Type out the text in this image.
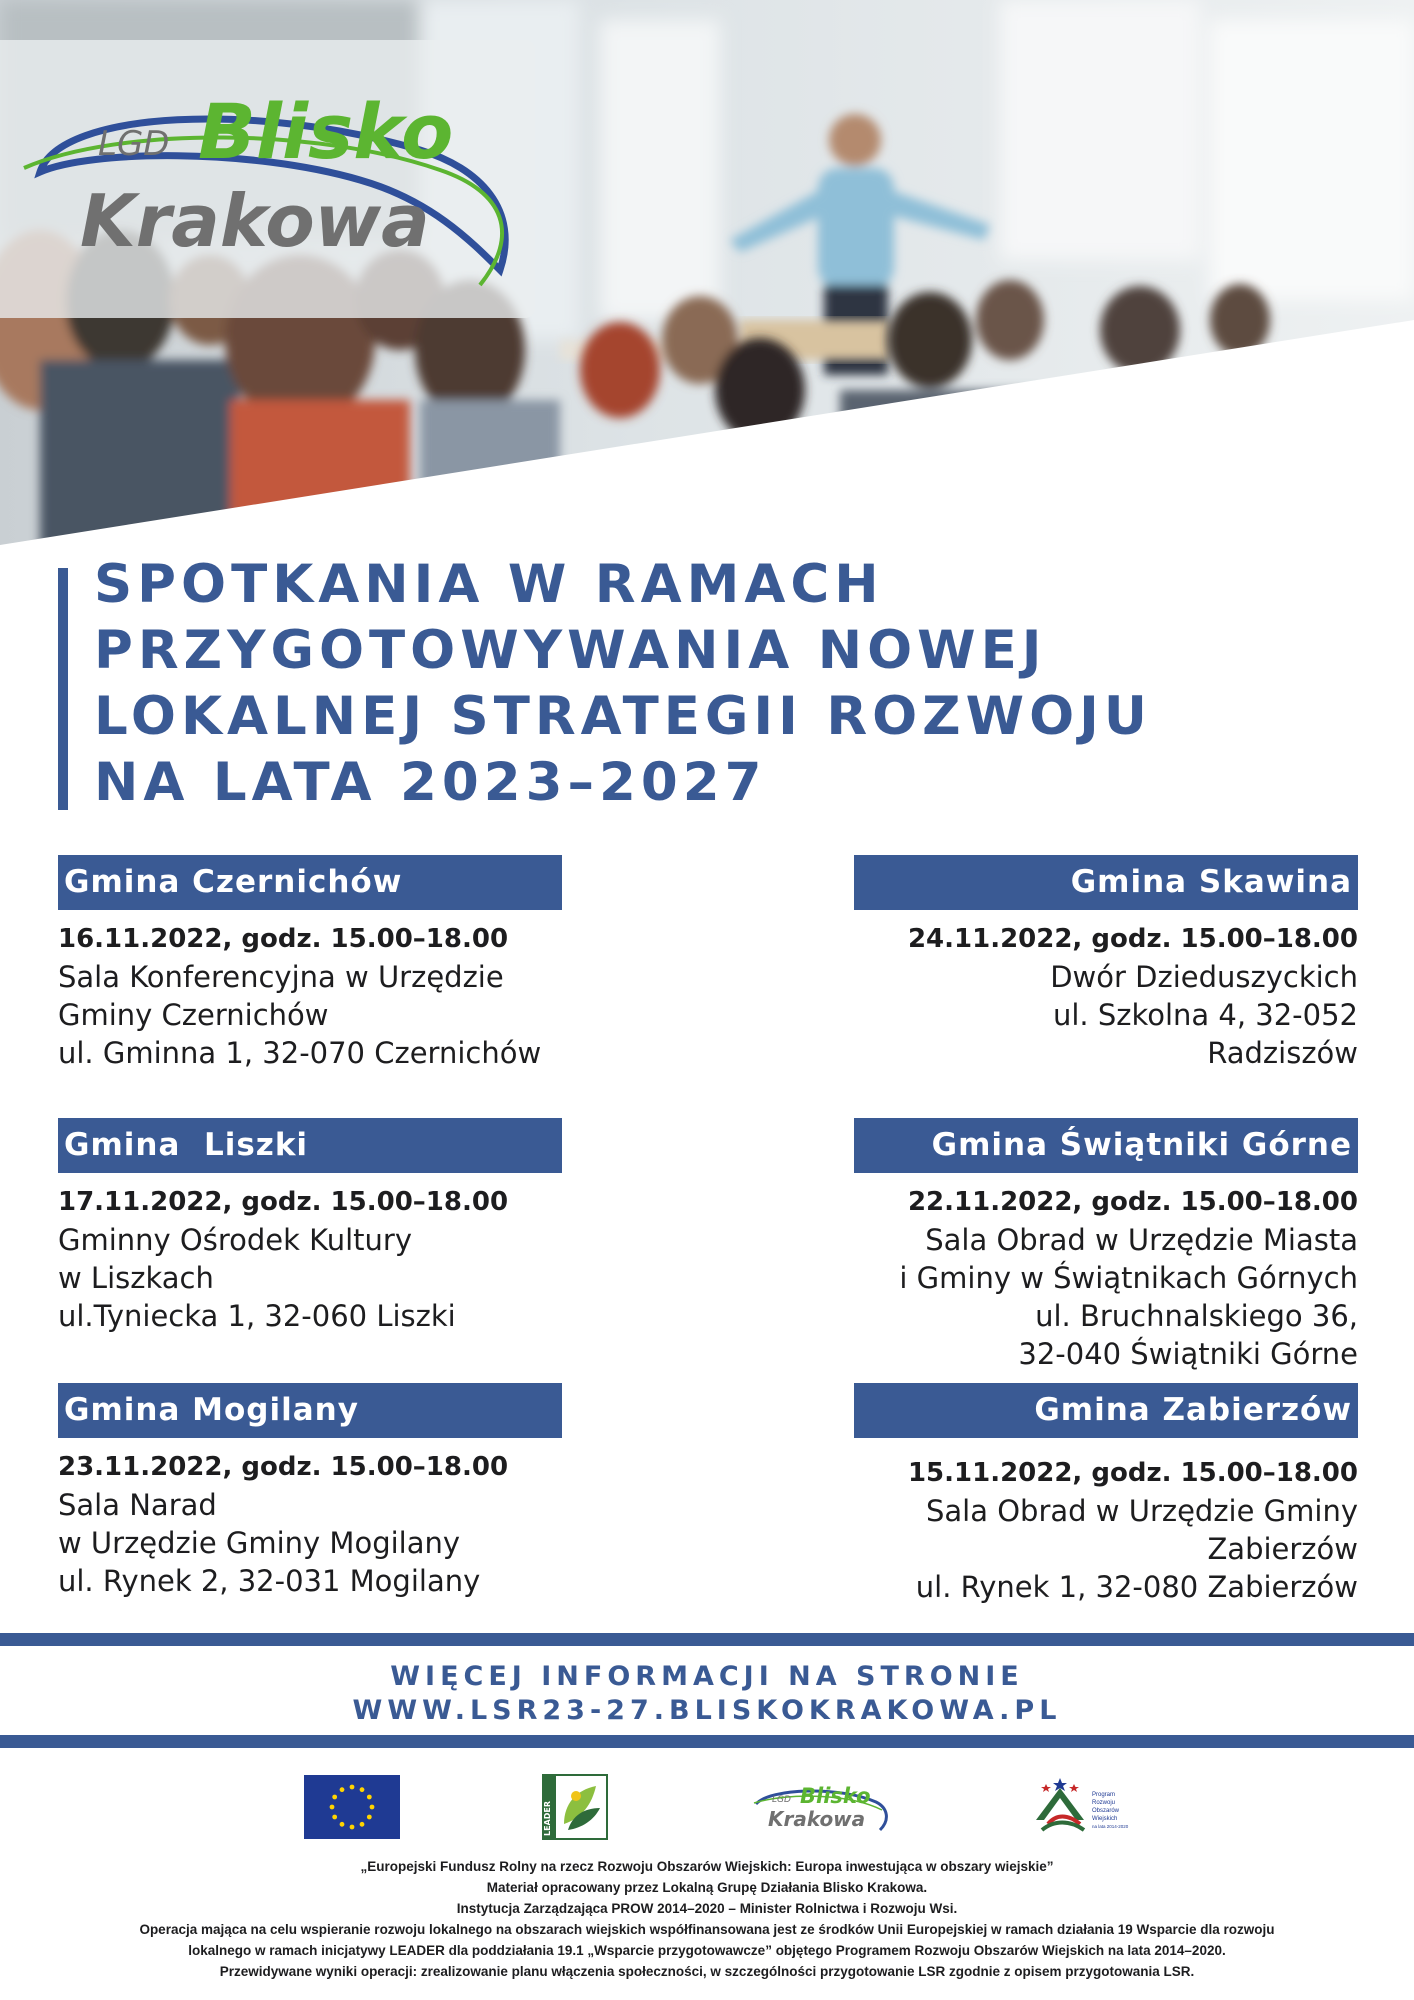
LGD Blisko
Krakowa
SPOTKANIA W RAMACH
PRZYGOTOWYWANIA NOWEJ
LOKALNEJ STRATEGII ROZWOJU
NA LATA 2023–2027
Gmina Czernichów
16.11.2022, godz. 15.00–18.00
Sala Konferencyjna w Urzędzie
Gminy Czernichów
ul. Gminna 1, 32-070 Czernichów
Gmina Skawina
24.11.2022, godz. 15.00–18.00
Dwór Dzieduszyckich
ul. Szkolna 4, 32-052
Radziszów
Gmina  Liszki
17.11.2022, godz. 15.00–18.00
Gminny Ośrodek Kultury
w Liszkach
ul.Tyniecka 1, 32-060 Liszki
Gmina Świątniki Górne
22.11.2022, godz. 15.00–18.00
Sala Obrad w Urzędzie Miasta
i Gminy w Świątnikach Górnych
ul. Bruchnalskiego 36,
32-040 Świątniki Górne
Gmina Mogilany
23.11.2022, godz. 15.00–18.00
Sala Narad
w Urzędzie Gminy Mogilany
ul. Rynek 2, 32-031 Mogilany
Gmina Zabierzów
15.11.2022, godz. 15.00–18.00
Sala Obrad w Urzędzie Gminy
Zabierzów
ul. Rynek 1, 32-080 Zabierzów
WIĘCEJ INFORMACJI NA STRONIE
WWW.LSR23-27.BLISKOKRAKOWA.PL
LEADER
LGD Blisko
Krakowa
Program
Rozwoju
Obszarów
Wiejskich
na lata 2014-2020
„Europejski Fundusz Rolny na rzecz Rozwoju Obszarów Wiejskich: Europa inwestująca w obszary wiejskie”
Materiał opracowany przez Lokalną Grupę Działania Blisko Krakowa.
Instytucja Zarządzająca PROW 2014–2020 – Minister Rolnictwa i Rozwoju Wsi.
Operacja mająca na celu wspieranie rozwoju lokalnego na obszarach wiejskich współfinansowana jest ze środków Unii Europejskiej w ramach działania 19 Wsparcie dla rozwoju
lokalnego w ramach inicjatywy LEADER dla poddziałania 19.1 „Wsparcie przygotowawcze” objętego Programem Rozwoju Obszarów Wiejskich na lata 2014–2020.
Przewidywane wyniki operacji: zrealizowanie planu włączenia społeczności, w szczególności przygotowanie LSR zgodnie z opisem przygotowania LSR.
